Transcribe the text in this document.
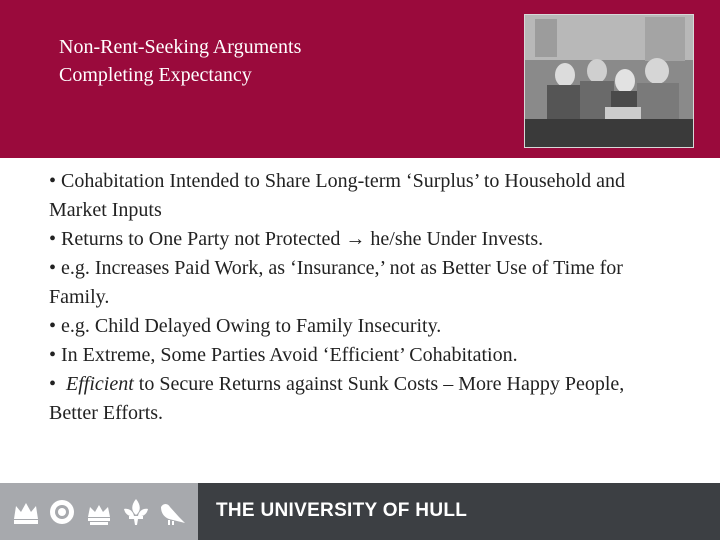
Non-Rent-Seeking Arguments
Completing Expectancy

• Cohabitation Intended to Share Long-term ‘Surplus’ to Household and Market Inputs

• Returns to One Party not Protected → he/she Under Invests.

• e.g. Increases Paid Work, as ‘Insurance,’ not as Better Use of Time for Family.

• e.g. Child Delayed Owing to Family Insecurity.

• In Extreme, Some Parties Avoid ‘Efficient’ Cohabitation.

•  Efficient to Secure Returns against Sunk Costs – More Happy People, Better Efforts.

THE UNIVERSITY OF HULL
